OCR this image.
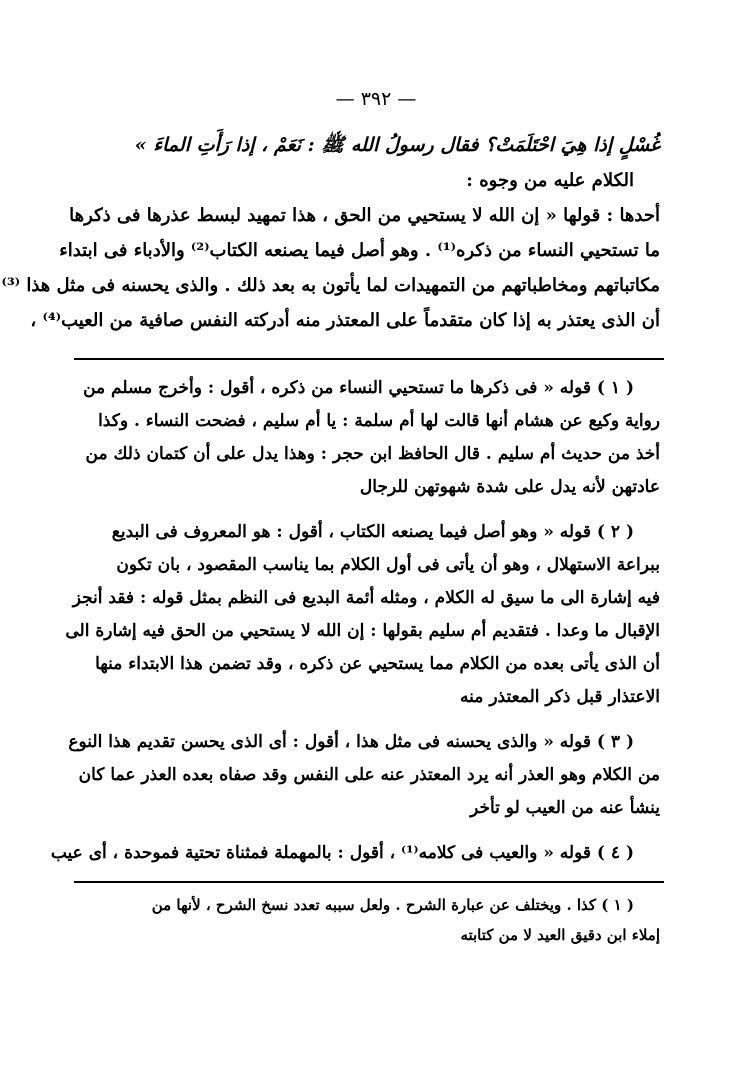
— ٣٩٢ —
غُسْلٍ إذا هِيَ احْتَلَمَتْ؟ فقال رسولُ الله ﷺ : نَعَمْ ، إذا رَأَتِ الماءَ »
الكلام عليه من وجوه :
أحدها : قولها « إن الله لا يستحيي من الحق ، هذا تمهيد لبسط عذرها فى ذكرها
ما تستحيي النساء من ذكره⁽¹⁾ . وهو أصل فيما يصنعه الكتاب⁽²⁾ والأدباء فى ابتداء
مكاتباتهم ومخاطباتهم من التمهيدات لما يأتون به بعد ذلك . والذى يحسنه فى مثل هذا ⁽³⁾
أن الذى يعتذر به إذا كان متقدماً على المعتذر منه أدركته النفس صافية من العيب⁽⁴⁾ ،
( ١ ) قوله « فى ذكرها ما تستحيي النساء من ذكره ، أقول : وأخرج مسلم من
رواية وكيع عن هشام أنها قالت لها أم سلمة : يا أم سليم ، فضحت النساء . وكذا
أخذ من حديث أم سليم . قال الحافظ ابن حجر : وهذا يدل على أن كتمان ذلك من
عادتهن لأنه يدل على شدة شهوتهن للرجال
( ٢ ) قوله « وهو أصل فيما يصنعه الكتاب ، أقول : هو المعروف فى البديع
ببراعة الاستهلال ، وهو أن يأتى فى أول الكلام بما يناسب المقصود ، بان تكون
فيه إشارة الى ما سيق له الكلام ، ومثله أئمة البديع فى النظم بمثل قوله : فقد أنجز
الإقبال ما وعدا . فتقديم أم سليم بقولها : إن الله لا يستحيي من الحق فيه إشارة الى
أن الذى يأتى بعده من الكلام مما يستحيي عن ذكره ، وقد تضمن هذا الابتداء منها
الاعتذار قبل ذكر المعتذر منه
( ٣ ) قوله « والذى يحسنه فى مثل هذا ، أقول : أى الذى يحسن تقديم هذا النوع
من الكلام وهو العذر أنه يرد المعتذر عنه على النفس وقد صفاه بعده العذر عما كان
ينشأ عنه من العيب لو تأخر
( ٤ ) قوله « والعيب فى كلامه⁽¹⁾ ، أقول : بالمهملة فمثناة تحتية فموحدة ، أى عيب
( ١ ) كذا . ويختلف عن عبارة الشرح . ولعل سببه تعدد نسخ الشرح ، لأنها من
إملاء ابن دقيق العيد لا من كتابته
